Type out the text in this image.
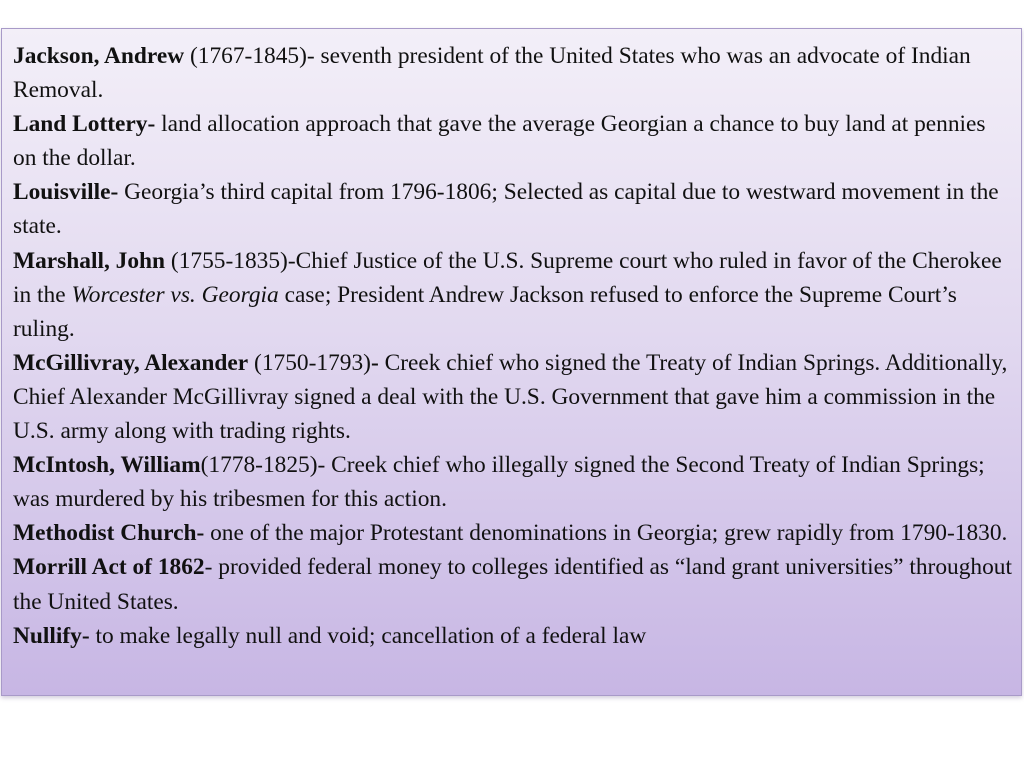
Jackson, Andrew (1767-1845)- seventh president of the United States who was an advocate of Indian Removal.

Land Lottery- land allocation approach that gave the average Georgian a chance to buy land at pennies on the dollar.

Louisville- Georgia’s third capital from 1796-1806; Selected as capital due to westward movement in the state.

Marshall, John (1755-1835)-Chief Justice of the U.S. Supreme court who ruled in favor of the Cherokee in the Worcester vs. Georgia case; President Andrew Jackson refused to enforce the Supreme Court’s ruling.

McGillivray, Alexander (1750-1793)- Creek chief who signed the Treaty of Indian Springs. Additionally, Chief Alexander McGillivray signed a deal with the U.S. Government that gave him a commission in the U.S. army along with trading rights.

McIntosh, William(1778-1825)- Creek chief who illegally signed the Second Treaty of Indian Springs; was murdered by his tribesmen for this action.

Methodist Church- one of the major Protestant denominations in Georgia; grew rapidly from 1790-1830.

Morrill Act of 1862- provided federal money to colleges identified as “land grant universities” throughout the United States.

Nullify- to make legally null and void; cancellation of a federal law
